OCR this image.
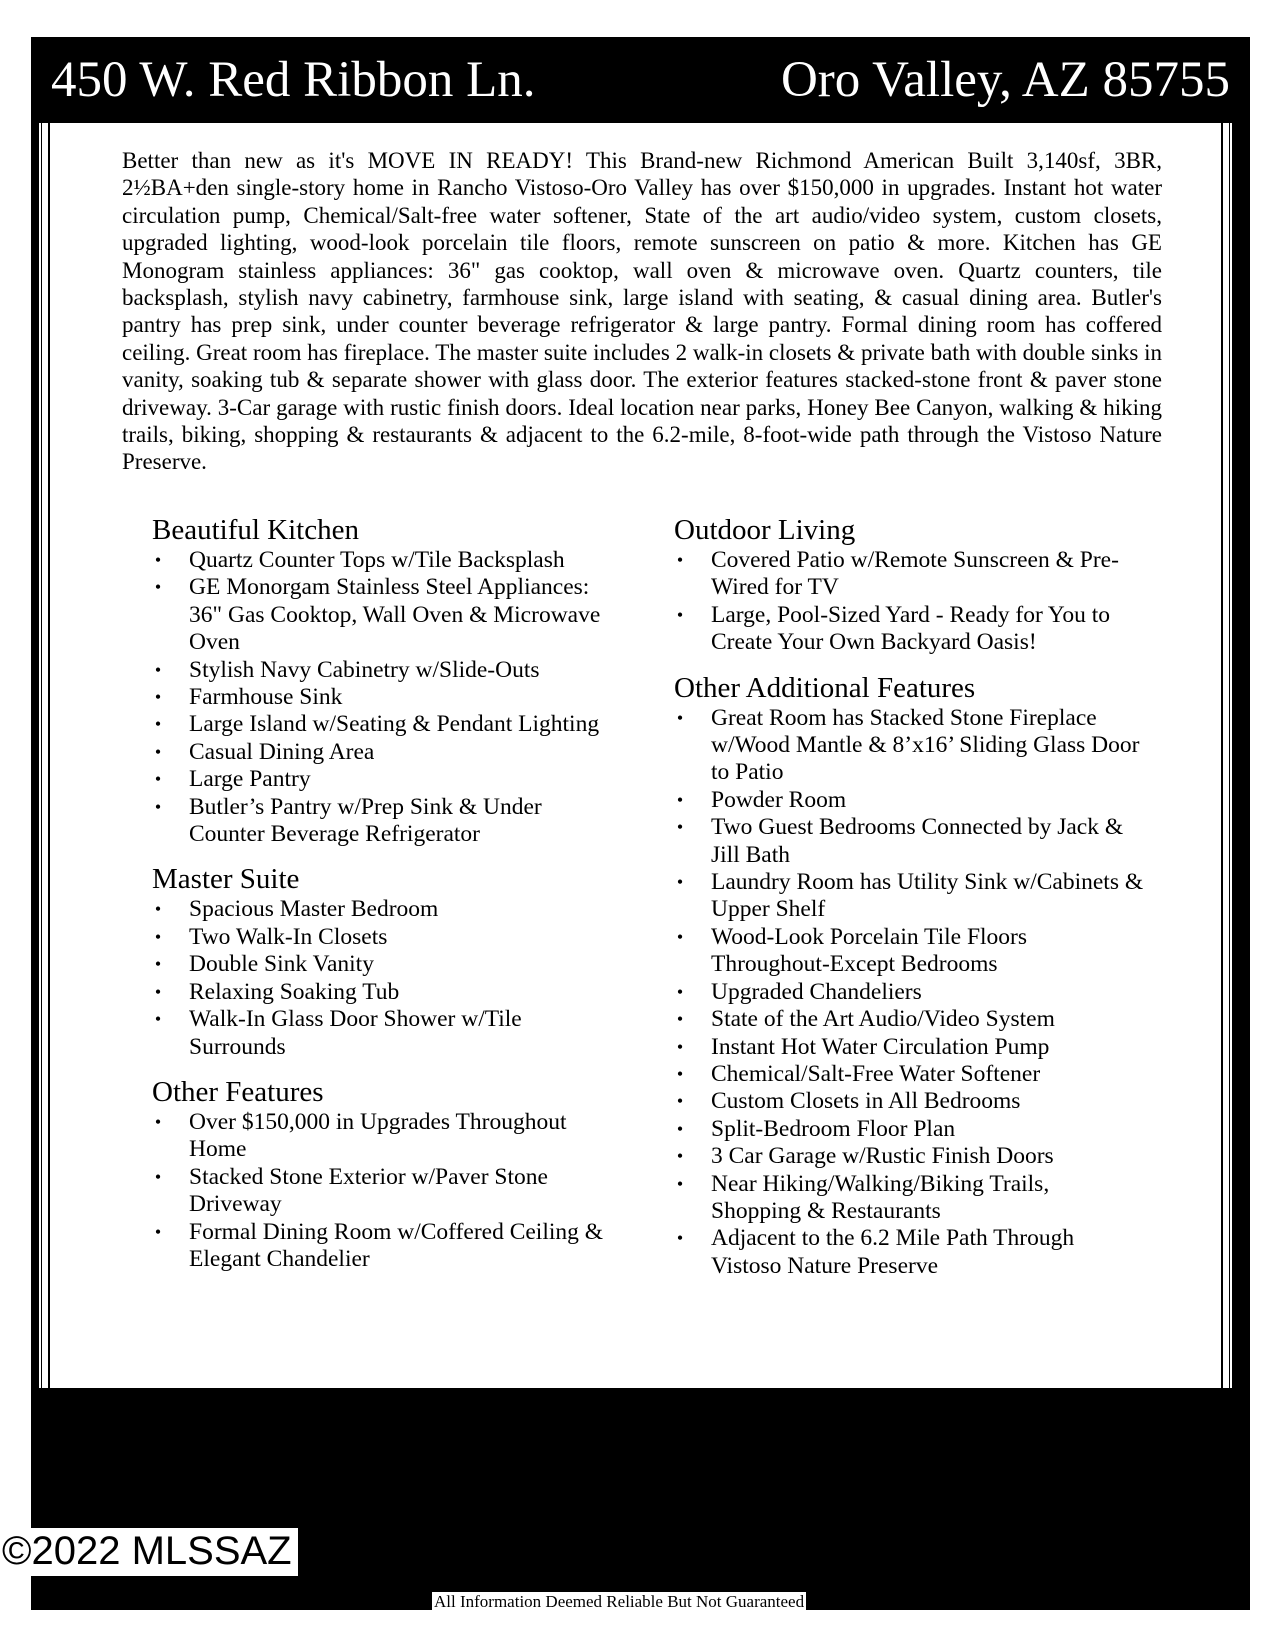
450 W. Red Ribbon Ln.	Oro Valley, AZ 85755

Better than new as it's MOVE IN READY! This Brand-new Richmond American Built 3,140sf, 3BR, 2½BA+den single-story home in Rancho Vistoso-Oro Valley has over $150,000 in upgrades. Instant hot water circulation pump, Chemical/Salt-free water softener, State of the art audio/video system, custom closets, upgraded lighting, wood-look porcelain tile floors, remote sunscreen on patio & more. Kitchen has GE Monogram stainless appliances: 36" gas cooktop, wall oven & microwave oven. Quartz counters, tile backsplash, stylish navy cabinetry, farmhouse sink, large island with seating, & casual dining area. Butler's pantry has prep sink, under counter beverage refrigerator & large pantry. Formal dining room has coffered ceiling. Great room has fireplace. The master suite includes 2 walk-in closets & private bath with double sinks in vanity, soaking tub & separate shower with glass door. The exterior features stacked-stone front & paver stone driveway. 3-Car garage with rustic finish doors. Ideal location near parks, Honey Bee Canyon, walking & hiking trails, biking, shopping & restaurants & adjacent to the 6.2-mile, 8-foot-wide path through the Vistoso Nature Preserve.

Beautiful Kitchen
• Quartz Counter Tops w/Tile Backsplash
• GE Monorgam Stainless Steel Appliances: 36" Gas Cooktop, Wall Oven & Microwave Oven
• Stylish Navy Cabinetry w/Slide-Outs
• Farmhouse Sink
• Large Island w/Seating & Pendant Lighting
• Casual Dining Area
• Large Pantry
• Butler’s Pantry w/Prep Sink & Under Counter Beverage Refrigerator
Master Suite
• Spacious Master Bedroom
• Two Walk-In Closets
• Double Sink Vanity
• Relaxing Soaking Tub
• Walk-In Glass Door Shower w/Tile Surrounds
Other Features
• Over $150,000 in Upgrades Throughout Home
• Stacked Stone Exterior w/Paver Stone Driveway
• Formal Dining Room w/Coffered Ceiling & Elegant Chandelier
Outdoor Living
• Covered Patio w/Remote Sunscreen & Pre-Wired for TV
• Large, Pool-Sized Yard - Ready for You to Create Your Own Backyard Oasis!
Other Additional Features
• Great Room has Stacked Stone Fireplace w/Wood Mantle & 8’x16’ Sliding Glass Door to Patio
• Powder Room
• Two Guest Bedrooms Connected by Jack & Jill Bath
• Laundry Room has Utility Sink w/Cabinets & Upper Shelf
• Wood-Look Porcelain Tile Floors Throughout-Except Bedrooms
• Upgraded Chandeliers
• State of the Art Audio/Video System
• Instant Hot Water Circulation Pump
• Chemical/Salt-Free Water Softener
• Custom Closets in All Bedrooms
• Split-Bedroom Floor Plan
• 3 Car Garage w/Rustic Finish Doors
• Near Hiking/Walking/Biking Trails, Shopping & Restaurants
• Adjacent to the 6.2 Mile Path Through Vistoso Nature Preserve
©2022 MLSSAZ
All Information Deemed Reliable But Not Guaranteed
